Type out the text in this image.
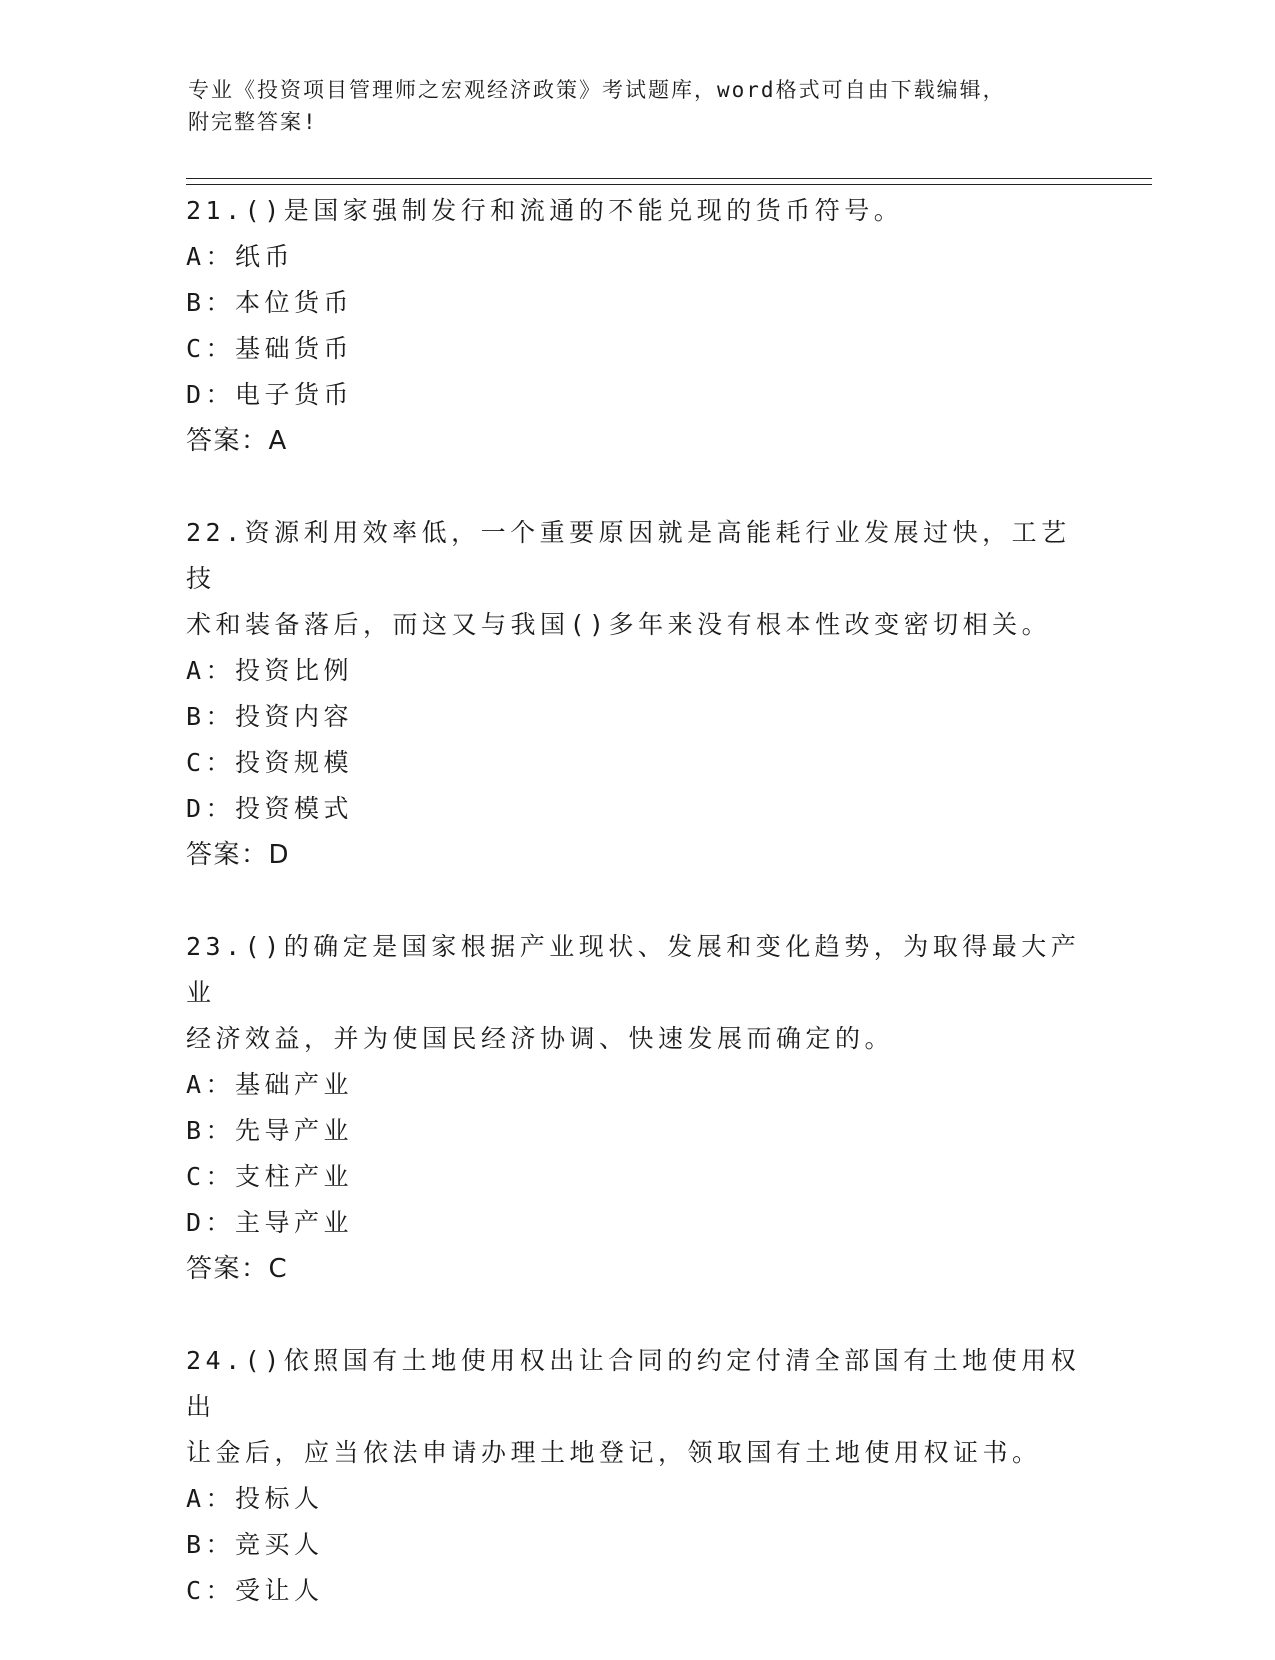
专业《投资项目管理师之宏观经济政策》考试题库，word格式可自由下载编辑，
附完整答案!
21.()是国家强制发行和流通的不能兑现的货币符号。
A：纸币
B：本位货币
C：基础货币
D：电子货币
答案：A
22.资源利用效率低，一个重要原因就是高能耗行业发展过快，工艺技
术和装备落后，而这又与我国()多年来没有根本性改变密切相关。
A：投资比例
B：投资内容
C：投资规模
D：投资模式
答案：D
23.()的确定是国家根据产业现状、发展和变化趋势，为取得最大产业
经济效益，并为使国民经济协调、快速发展而确定的。
A：基础产业
B：先导产业
C：支柱产业
D：主导产业
答案：C
24.()依照国有土地使用权出让合同的约定付清全部国有土地使用权出
让金后，应当依法申请办理土地登记，领取国有土地使用权证书。
A：投标人
B：竞买人
C：受让人
